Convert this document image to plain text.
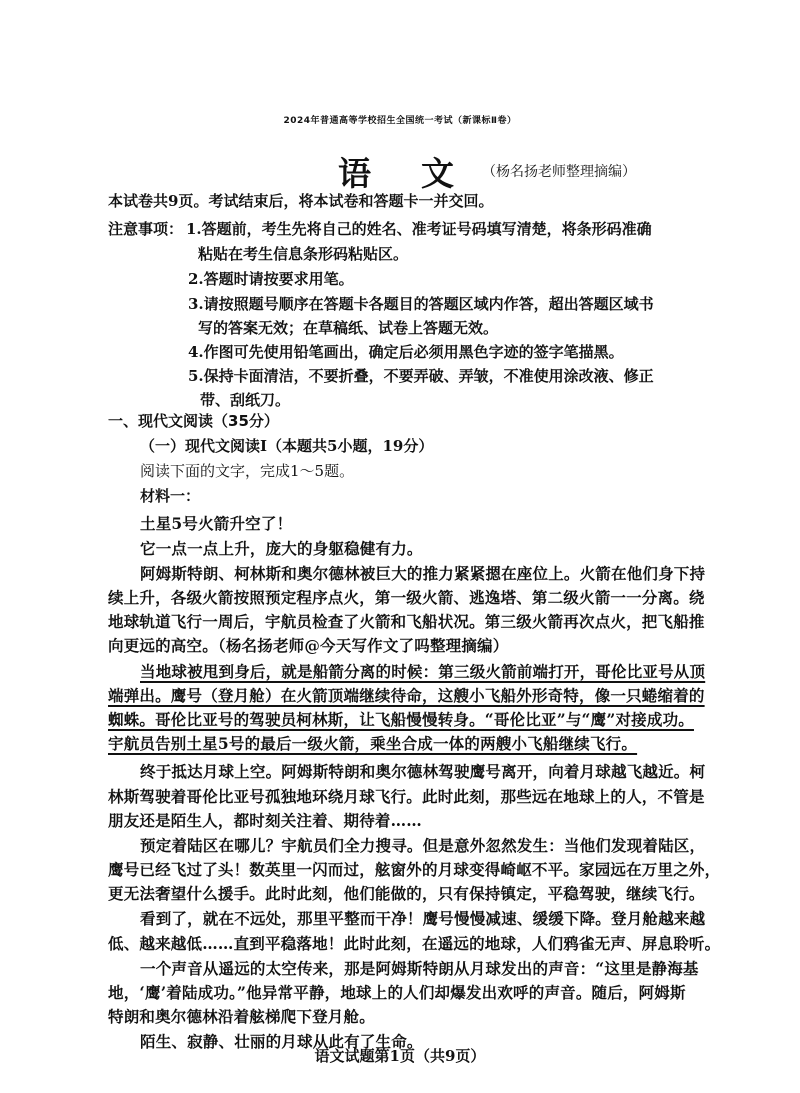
2024年普通高等学校招生全国统一考试（新课标Ⅱ卷）
语文
（杨名扬老师整理摘编）
本试卷共9页。考试结束后，将本试卷和答题卡一并交回。
注意事项： 1.答题前，考生先将自己的姓名、准考证号码填写清楚，将条形码准确
粘贴在考生信息条形码粘贴区。
2.答题时请按要求用笔。
3.请按照题号顺序在答题卡各题目的答题区域内作答，超出答题区域书
写的答案无效；在草稿纸、试卷上答题无效。
4.作图可先使用铅笔画出，确定后必须用黑色字迹的签字笔描黑。
5.保持卡面清洁，不要折叠，不要弄破、弄皱，不准使用涂改液、修正
带、刮纸刀。
一、现代文阅读（35分）
（一）现代文阅读Ⅰ（本题共5小题，19分）
阅读下面的文字，完成1～5题。
材料一：
土星5号火箭升空了！
它一点一点上升，庞大的身躯稳健有力。
阿姆斯特朗、柯林斯和奥尔德林被巨大的推力紧紧摁在座位上。火箭在他们身下持
续上升，各级火箭按照预定程序点火，第一级火箭、逃逸塔、第二级火箭一一分离。绕
地球轨道飞行一周后，宇航员检查了火箭和飞船状况。第三级火箭再次点火，把飞船推
向更远的高空。（杨名扬老师@今天写作文了吗整理摘编）
当地球被甩到身后，就是船箭分离的时候：第三级火箭前端打开，哥伦比亚号从顶
端弹出。鹰号（登月舱）在火箭顶端继续待命，这艘小飞船外形奇特，像一只蜷缩着的
蜘蛛。哥伦比亚号的驾驶员柯林斯，让飞船慢慢转身。“哥伦比亚”与“鹰”对接成功。
宇航员告别土星5号的最后一级火箭，乘坐合成一体的两艘小飞船继续飞行。
终于抵达月球上空。阿姆斯特朗和奥尔德林驾驶鹰号离开，向着月球越飞越近。柯
林斯驾驶着哥伦比亚号孤独地环绕月球飞行。此时此刻，那些远在地球上的人，不管是
朋友还是陌生人，都时刻关注着、期待着……
预定着陆区在哪儿？宇航员们全力搜寻。但是意外忽然发生：当他们发现着陆区，
鹰号已经飞过了头！数英里一闪而过，舷窗外的月球变得崎岖不平。家园远在万里之外，
更无法奢望什么援手。此时此刻，他们能做的，只有保持镇定，平稳驾驶，继续飞行。
看到了，就在不远处，那里平整而干净！鹰号慢慢减速、缓缓下降。登月舱越来越
低、越来越低……直到平稳落地！此时此刻，在遥远的地球，人们鸦雀无声、屏息聆听。
一个声音从遥远的太空传来，那是阿姆斯特朗从月球发出的声音：“这里是静海基
地，‘鹰’着陆成功。”他异常平静，地球上的人们却爆发出欢呼的声音。随后，阿姆斯
特朗和奥尔德林沿着舷梯爬下登月舱。
陌生、寂静、壮丽的月球从此有了生命。
语文试题第1页（共9页）
